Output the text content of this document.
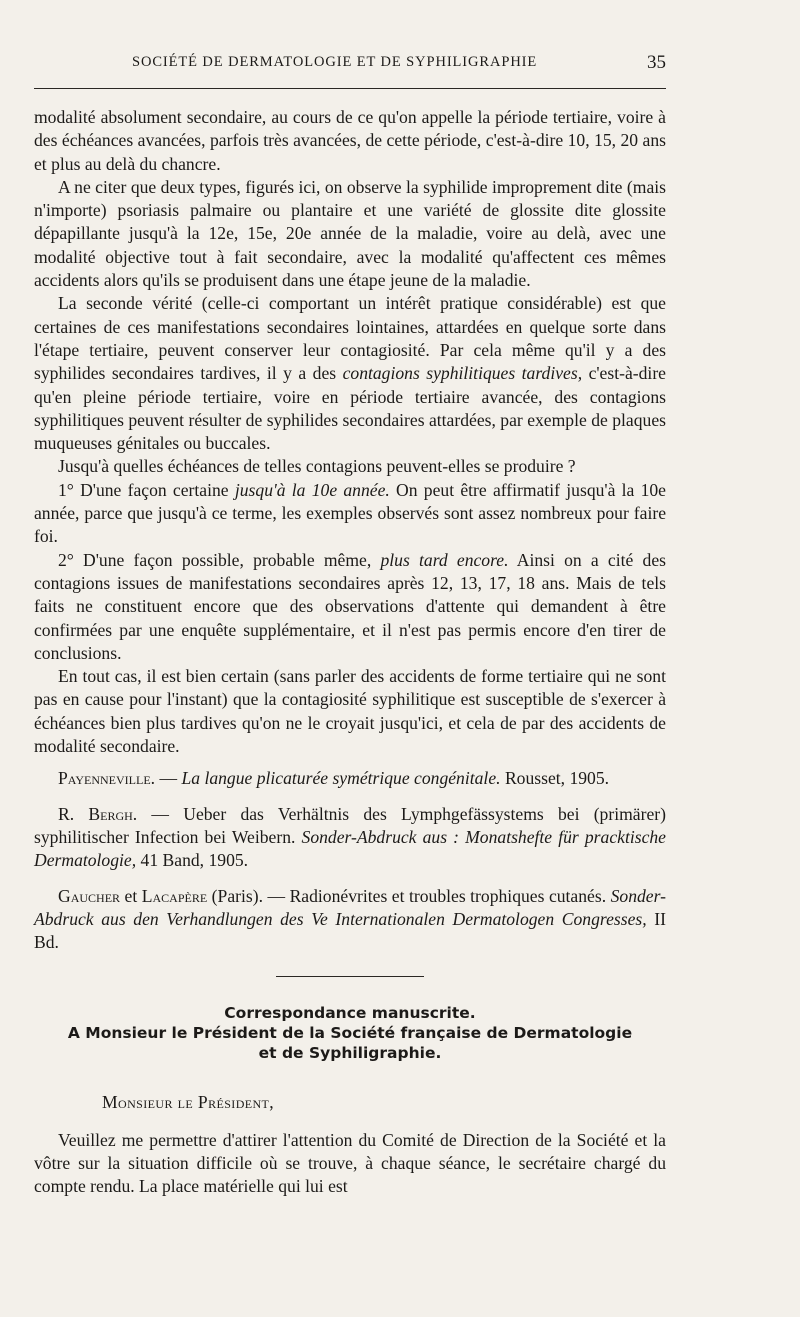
SOCIÉTÉ DE DERMATOLOGIE ET DE SYPHILIGRAPHIE	35

modalité absolument secondaire, au cours de ce qu'on appelle la période tertiaire, voire à des échéances avancées, parfois très avancées, de cette période, c'est-à-dire 10, 15, 20 ans et plus au delà du chancre.

A ne citer que deux types, figurés ici, on observe la syphilide improprement dite (mais n'importe) psoriasis palmaire ou plantaire et une variété de glossite dite glossite dépapillante jusqu'à la 12e, 15e, 20e année de la maladie, voire au delà, avec une modalité objective tout à fait secondaire, avec la modalité qu'affectent ces mêmes accidents alors qu'ils se produisent dans une étape jeune de la maladie.

La seconde vérité (celle-ci comportant un intérêt pratique considérable) est que certaines de ces manifestations secondaires lointaines, attardées en quelque sorte dans l'étape tertiaire, peuvent conserver leur contagiosité. Par cela même qu'il y a des syphilides secondaires tardives, il y a des contagions syphilitiques tardives, c'est-à-dire qu'en pleine période tertiaire, voire en période tertiaire avancée, des contagions syphilitiques peuvent résulter de syphilides secondaires attardées, par exemple de plaques muqueuses génitales ou buccales.

Jusqu'à quelles échéances de telles contagions peuvent-elles se produire ?

1° D'une façon certaine jusqu'à la 10e année. On peut être affirmatif jusqu'à la 10e année, parce que jusqu'à ce terme, les exemples observés sont assez nombreux pour faire foi.

2° D'une façon possible, probable même, plus tard encore. Ainsi on a cité des contagions issues de manifestations secondaires après 12, 13, 17, 18 ans. Mais de tels faits ne constituent encore que des observations d'attente qui demandent à être confirmées par une enquête supplémentaire, et il n'est pas permis encore d'en tirer de conclusions.

En tout cas, il est bien certain (sans parler des accidents de forme tertiaire qui ne sont pas en cause pour l'instant) que la contagiosité syphilitique est susceptible de s'exercer à échéances bien plus tardives qu'on ne le croyait jusqu'ici, et cela de par des accidents de modalité secondaire.

Payenneville. — La langue plicaturée symétrique congénitale. Rousset, 1905.

R. Bergh. — Ueber das Verhältnis des Lymphgefässystems bei (primärer) syphilitischer Infection bei Weibern. Sonder-Abdruck aus : Monatshefte für pracktische Dermatologie, 41 Band, 1905.

Gaucher et Lacapère (Paris). — Radionévrites et troubles trophiques cutanés. Sonder-Abdruck aus den Verhandlungen des Ve Internationalen Dermatologen Congresses, II Bd.

Correspondance manuscrite.
A Monsieur le Président de la Société française de Dermatologie
et de Syphiligraphie.

Monsieur le Président,

Veuillez me permettre d'attirer l'attention du Comité de Direction de la Société et la vôtre sur la situation difficile où se trouve, à chaque séance, le secrétaire chargé du compte rendu. La place matérielle qui lui est
